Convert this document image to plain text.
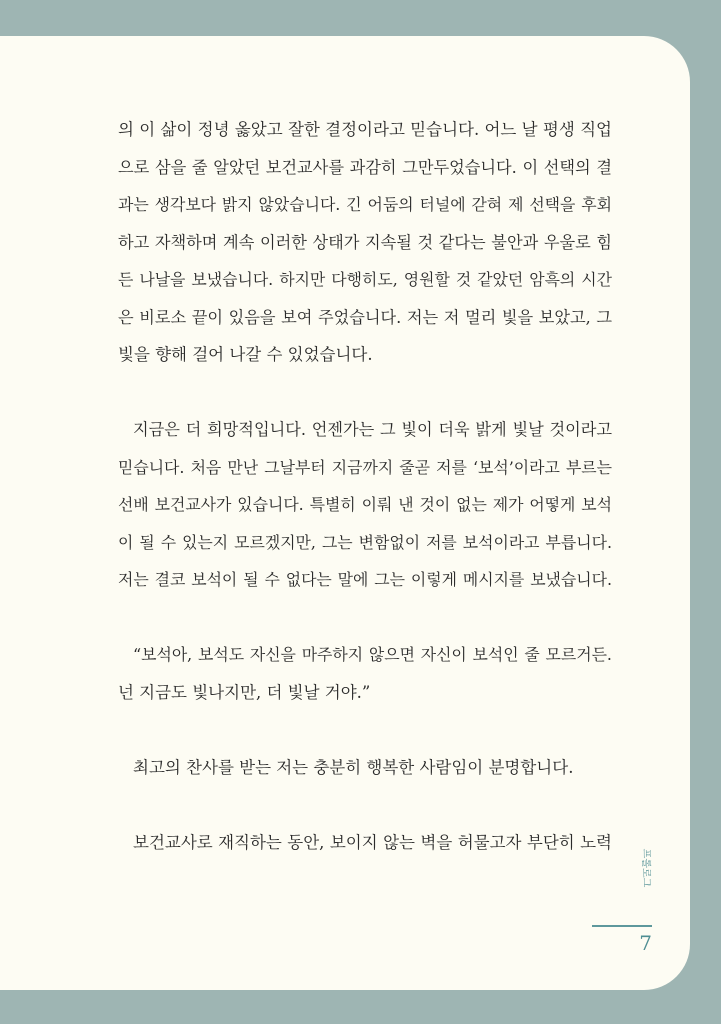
의 이 삶이 정녕 옳았고 잘한 결정이라고 믿습니다. 어느 날 평생 직업
으로 삼을 줄 알았던 보건교사를 과감히 그만두었습니다. 이 선택의 결
과는 생각보다 밝지 않았습니다. 긴 어둠의 터널에 갇혀 제 선택을 후회
하고 자책하며 계속 이러한 상태가 지속될 것 같다는 불안과 우울로 힘
든 나날을 보냈습니다. 하지만 다행히도, 영원할 것 같았던 암흑의 시간
은 비로소 끝이 있음을 보여 주었습니다. 저는 저 멀리 빛을 보았고, 그
빛을 향해 걸어 나갈 수 있었습니다.
지금은 더 희망적입니다. 언젠가는 그 빛이 더욱 밝게 빛날 것이라고
믿습니다. 처음 만난 그날부터 지금까지 줄곧 저를 ‘보석’이라고 부르는
선배 보건교사가 있습니다. 특별히 이뤄 낸 것이 없는 제가 어떻게 보석
이 될 수 있는지 모르겠지만, 그는 변함없이 저를 보석이라고 부릅니다.
저는 결코 보석이 될 수 없다는 말에 그는 이렇게 메시지를 보냈습니다.
“보석아, 보석도 자신을 마주하지 않으면 자신이 보석인 줄 모르거든.
넌 지금도 빛나지만, 더 빛날 거야.”
최고의 찬사를 받는 저는 충분히 행복한 사람임이 분명합니다.
보건교사로 재직하는 동안, 보이지 않는 벽을 허물고자 부단히 노력
프롤로그
7
